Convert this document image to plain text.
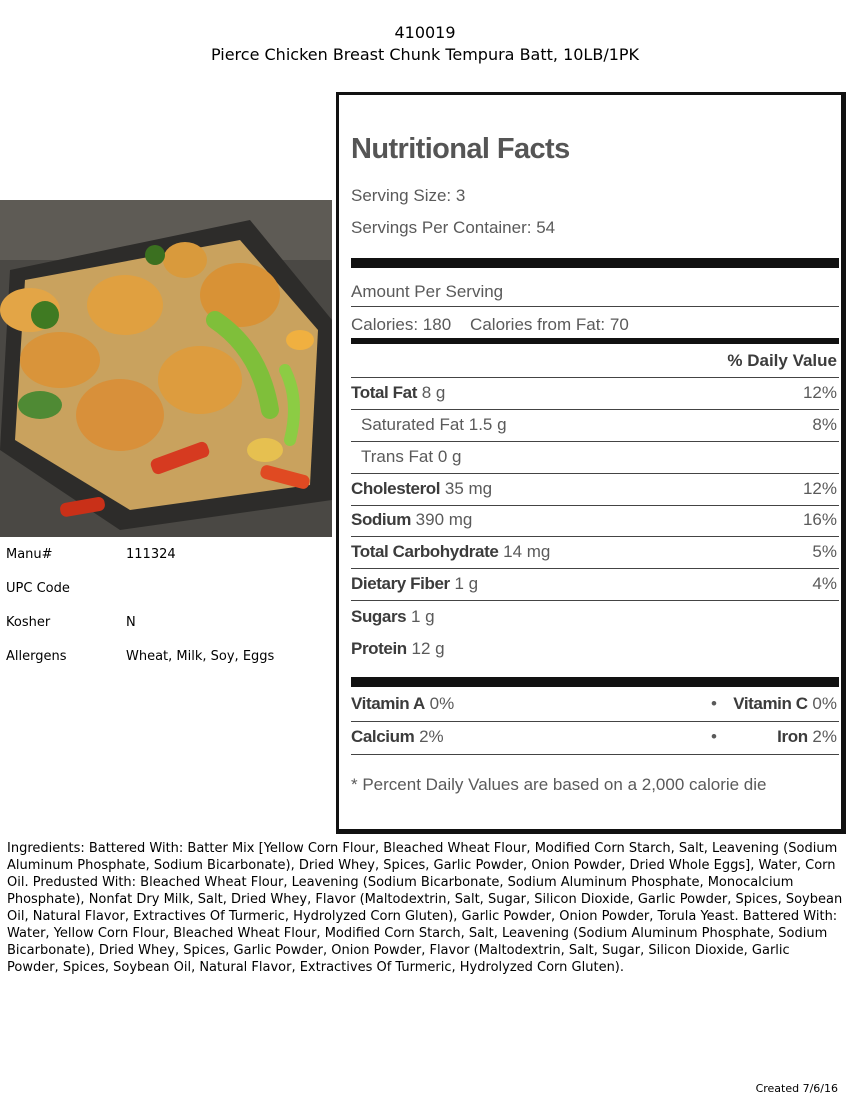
410019
Pierce Chicken Breast Chunk Tempura Batt, 10LB/1PK
Manu#	111324
UPC Code
Kosher	N
Allergens	Wheat, Milk, Soy, Eggs
Nutritional Facts
Serving Size: 3
Servings Per Container: 54
Amount Per Serving
Calories: 180    Calories from Fat: 70
% Daily Value
Total Fat 8 g	12%
Saturated Fat 1.5 g	8%
Trans Fat 0 g
Cholesterol 35 mg	12%
Sodium 390 mg	16%
Total Carbohydrate 14 mg	5%
Dietary Fiber 1 g	4%
Sugars 1 g
Protein 12 g
Vitamin A 0%	• Vitamin C 0%
Calcium 2%	•	Iron 2%
* Percent Daily Values are based on a 2,000 calorie die
Ingredients: Battered With: Batter Mix [Yellow Corn Flour, Bleached Wheat Flour, Modified Corn Starch, Salt, Leavening (Sodium Aluminum Phosphate, Sodium Bicarbonate), Dried Whey, Spices, Garlic Powder, Onion Powder, Dried Whole Eggs], Water, Corn Oil. Predusted With: Bleached Wheat Flour, Leavening (Sodium Bicarbonate, Sodium Aluminum Phosphate, Monocalcium Phosphate), Nonfat Dry Milk, Salt, Dried Whey, Flavor (Maltodextrin, Salt, Sugar, Silicon Dioxide, Garlic Powder, Spices, Soybean Oil, Natural Flavor, Extractives Of Turmeric, Hydrolyzed Corn Gluten), Garlic Powder, Onion Powder, Torula Yeast. Battered With: Water, Yellow Corn Flour, Bleached Wheat Flour, Modified Corn Starch, Salt, Leavening (Sodium Aluminum Phosphate, Sodium Bicarbonate), Dried Whey, Spices, Garlic Powder, Onion Powder, Flavor (Maltodextrin, Salt, Sugar, Silicon Dioxide, Garlic Powder, Spices, Soybean Oil, Natural Flavor, Extractives Of Turmeric, Hydrolyzed Corn Gluten).
Created 7/6/16
